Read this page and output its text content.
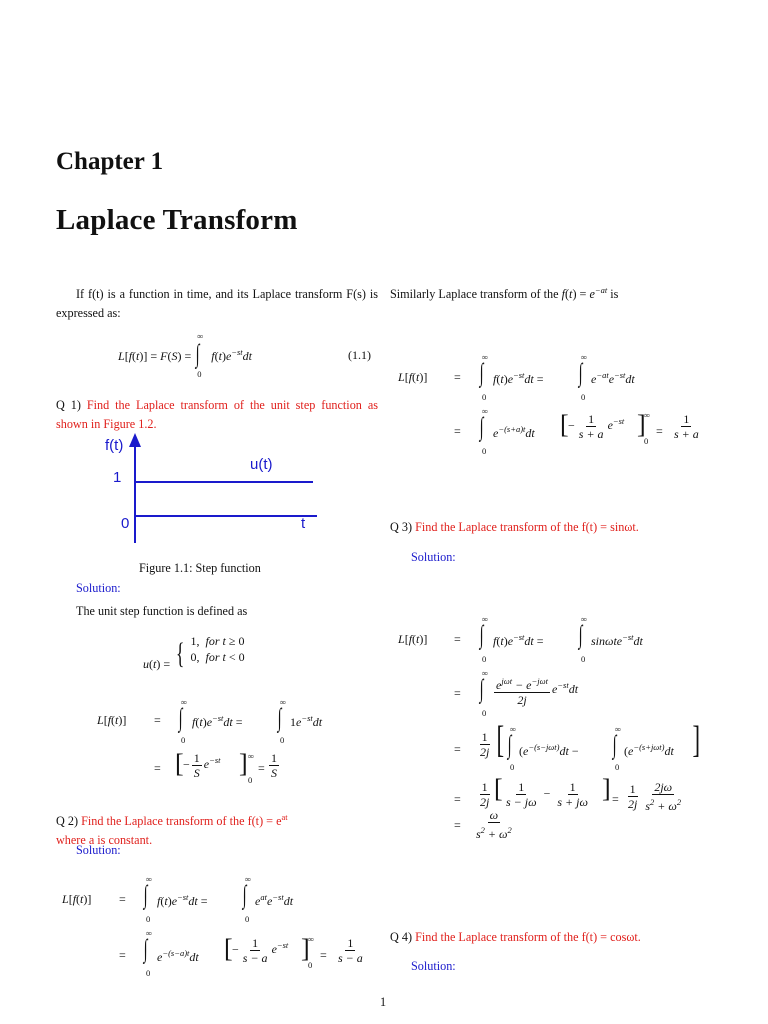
Chapter 1
Laplace Transform
If f(t) is a function in time, and its Laplace transform F(s) is expressed as:
L[f(t)] = F(S) =
∞
∫
0
$f(t)e^{-st}dt$	(1.1)
Q 1) Find the Laplace transform of the unit step function as shown in Figure 1.2.
f(t)
u(t)
1
0	t
Figure 1.1: Step function
Solution:
The unit step function is defined as
u(t) = { 1,  for t ≥ 0
0,  for t < 0
L[f(t)] =
∞
∫
0
$f(t)e^{-st}dt$ =
∞
∫
0
$1e^{-st}dt$
= [ − $\frac{1}{S} e^{-st}$ ] ∞
0
= $\frac{1}{S}$
Q 2) Find the Laplace transform of the $f(t) = e^{at}$
where a is constant.
Solution:
L[f(t)] =
∞
∫
0
$f(t)e^{-st}dt$ =
∞
∫
0
$e^{at}e^{-st}dt$
=
∞
∫
0
$e^{-(s-a)t}dt$ [ − $\frac{1}{s - a} e^{-st}$ ]
∞
0
= $\frac{1}{s - a}$
Similarly Laplace transform of the $f(t) = e^{-at}$ is
L[f(t)] =
∞
∫
0
$f(t)e^{-st}dt$ =
∞
∫
0
$e^{-at}e^{-st}dt$
=
∞
∫
0
$e^{-(s+a)t}dt$ [ − $\frac{1}{s + a} e^{-st}$ ]
∞
0
= $\frac{1}{s + a}$
Q 3) Find the Laplace transform of the f(t) = sinωt.
Solution:
L[f(t)] =
∞
∫
0
$f(t)e^{-st}dt$ =
∞
∫
0
sinωte$^{-st}$dt
=
∞
∫
0
$\frac{e^{j\omega t} - e^{-j\omega t}}{2j} e^{-st}dt$
= $\frac{1}{2j}$ [ ∞
∫
0
($e^{-(s-j\omega t)}dt$ −
∞
∫
0
($e^{-(s+j\omega t)}dt$ ]
= $\frac{1}{2j}$ [ $\frac{1}{s - j\omega} - \frac{1}{s + j\omega}$ ] = $\frac{1}{2j} \frac{2j\omega}{s^2 + \omega^2}$
= $\frac{\omega}{s^2 + \omega^2}$
Q 4) Find the Laplace transform of the f(t) = cosωt.
Solution:
1
